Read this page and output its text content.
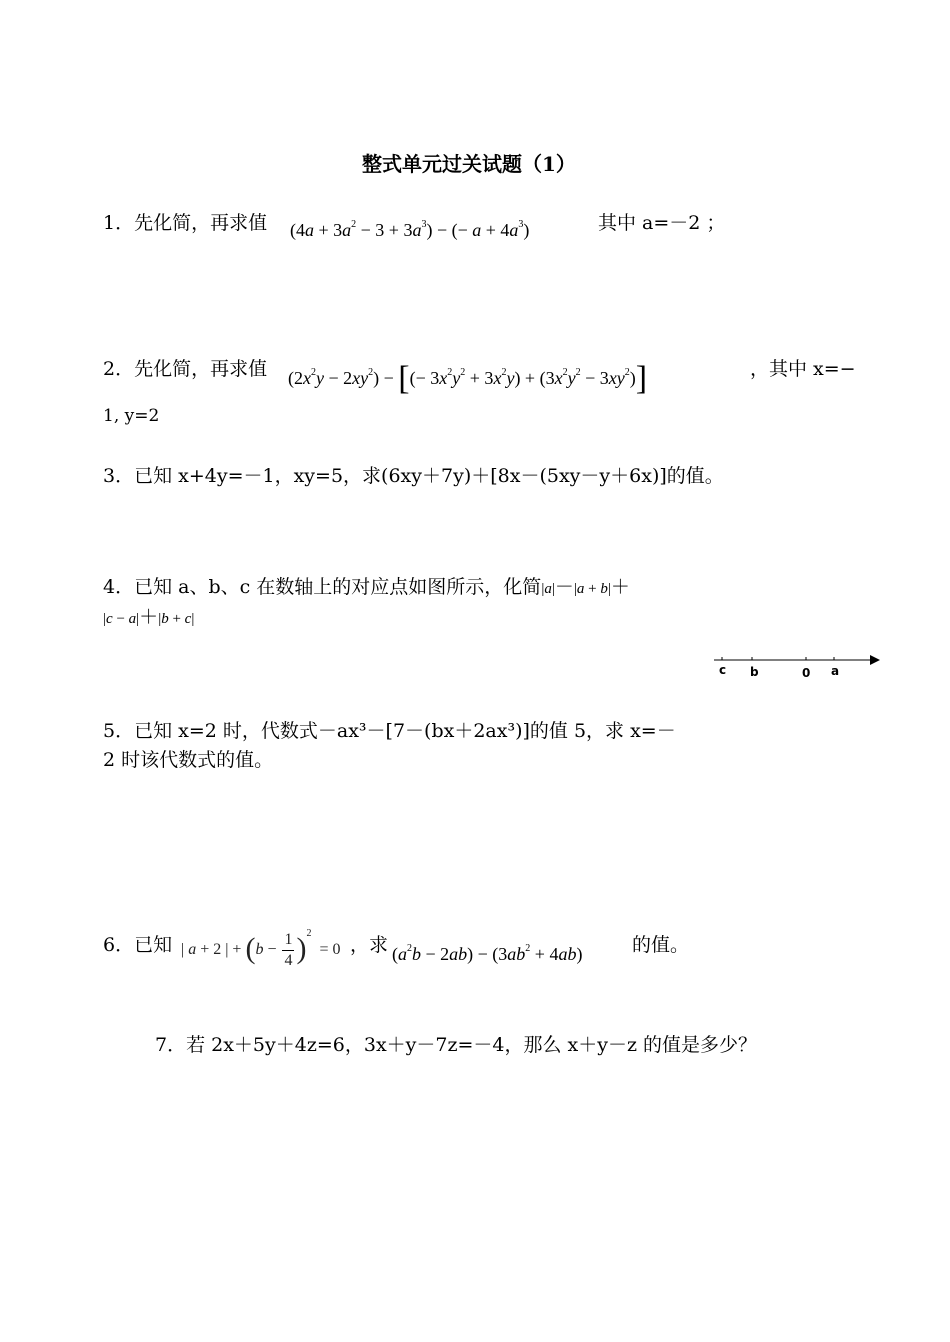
整式单元过关试题（1）
1．先化简，再求值 $(4a + 3a^2 - 3 + 3a^3)$ − (− $a + 4a^3$)	其中 a=－2 ；
2．先化简，再求值 $(2x^2y - 2xy^2)$ − [(− $3x^2y^2 + 3x^2y) + (3x^2y^2 - 3xy^2)$]	，其中 x=−
1, y=2
3．已知 x+4y=－1，xy=5，求(6xy＋7y)＋[8x－(5xy－y＋6x)]的值。
4．已知 a、b、c 在数轴上的对应点如图所示，化简|a|－|a + b|＋
|c − a|＋|b + c|
c b	0 a
5．已知 x=2 时，代数式－ax³－[7－(bx＋2ax³)]的值 5，求 x=－
2 时该代数式的值。
6．已知 | a + 2 | + $(b - \frac{1}{4} )^2 = 0$ ，求 $(a^2b - 2ab) - (3ab^2 + 4ab)$	的值。
7．若 2x＋5y＋4z=6，3x＋y－7z=－4，那么 x＋y－z 的值是多少？
